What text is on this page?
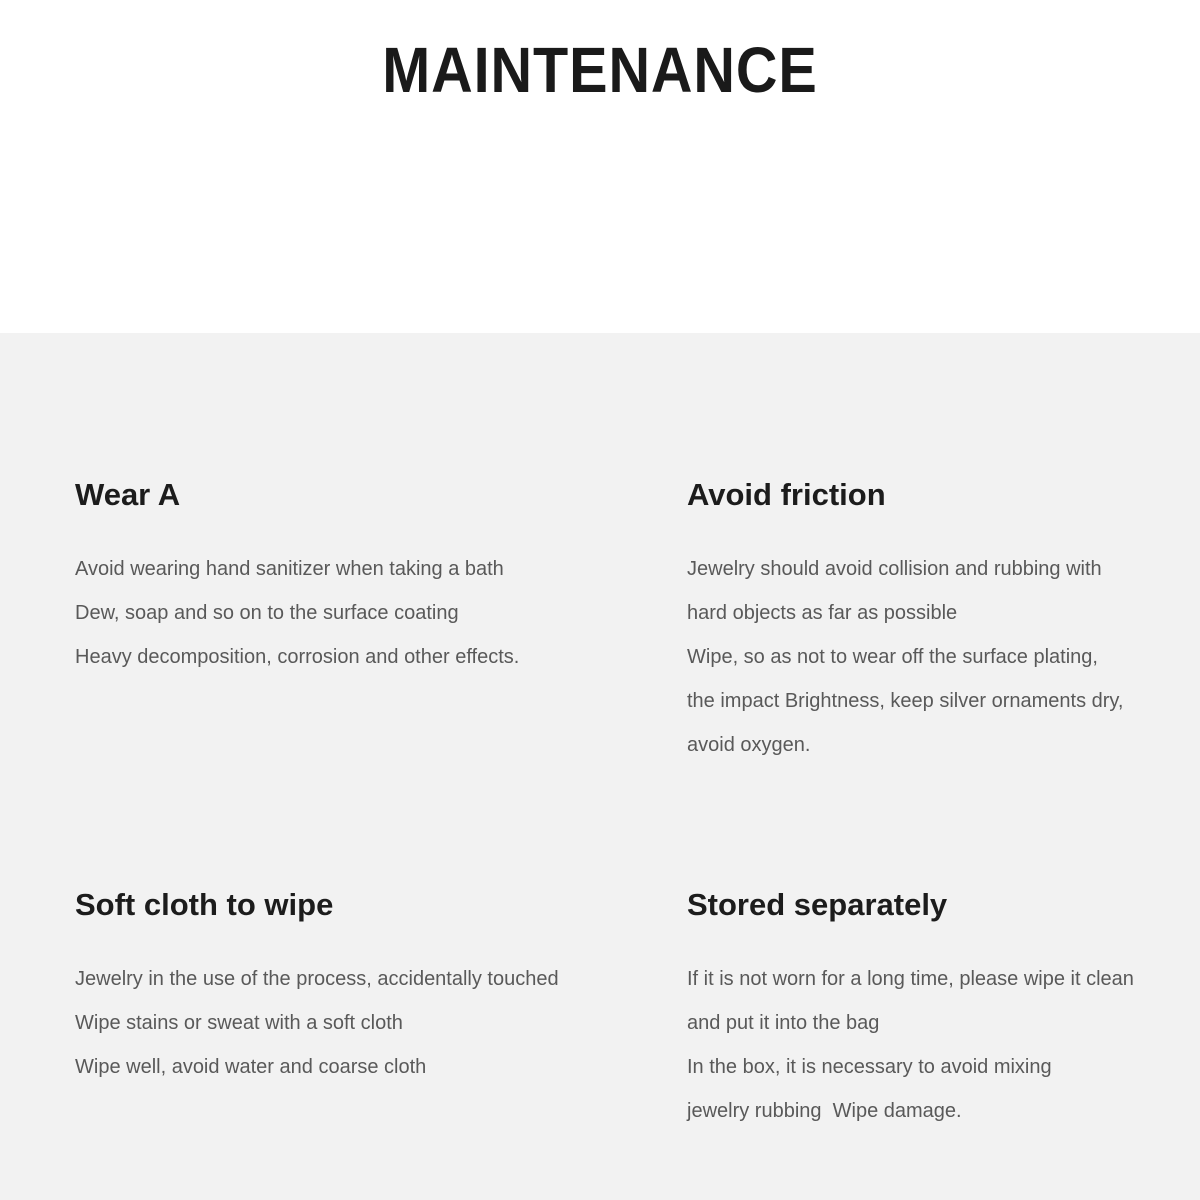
MAINTENANCE
Wear A
Avoid wearing hand sanitizer when taking a bath
Dew, soap and so on to the surface coating
Heavy decomposition, corrosion and other effects.
Avoid friction
Jewelry should avoid collision and rubbing with
hard objects as far as possible
Wipe, so as not to wear off the surface plating,
the impact Brightness, keep silver ornaments dry,
avoid oxygen.
Soft cloth to wipe
Jewelry in the use of the process, accidentally touched
Wipe stains or sweat with a soft cloth
Wipe well, avoid water and coarse cloth
Stored separately
If it is not worn for a long time, please wipe it clean
and put it into the bag
In the box, it is necessary to avoid mixing
jewelry rubbing  Wipe damage.
